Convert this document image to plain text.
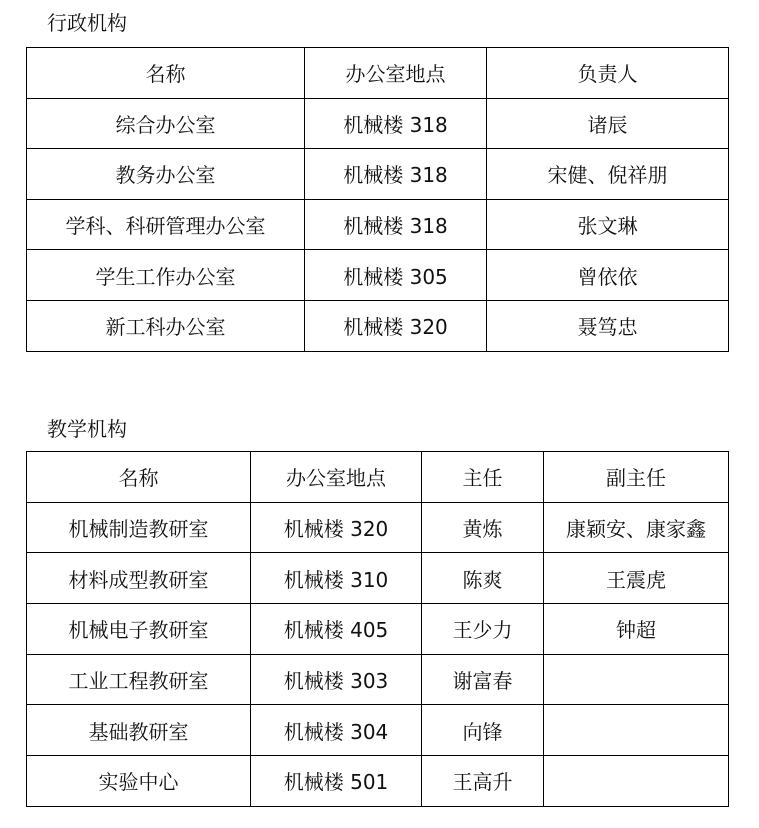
行政机构
名称	办公室地点	负责人
综合办公室	机械楼 318	诸辰
教务办公室	机械楼 318	宋健、倪祥朋
学科、科研管理办公室	机械楼 318	张文琳
学生工作办公室	机械楼 305	曾依依
新工科办公室	机械楼 320	聂笃忠
教学机构
名称	办公室地点	主任	副主任
机械制造教研室	机械楼 320	黄炼	康颖安、康家鑫
材料成型教研室	机械楼 310	陈爽	王震虎
机械电子教研室	机械楼 405	王少力	钟超
工业工程教研室	机械楼 303	谢富春	
基础教研室	机械楼 304	向锋	
实验中心	机械楼 501	王高升	
